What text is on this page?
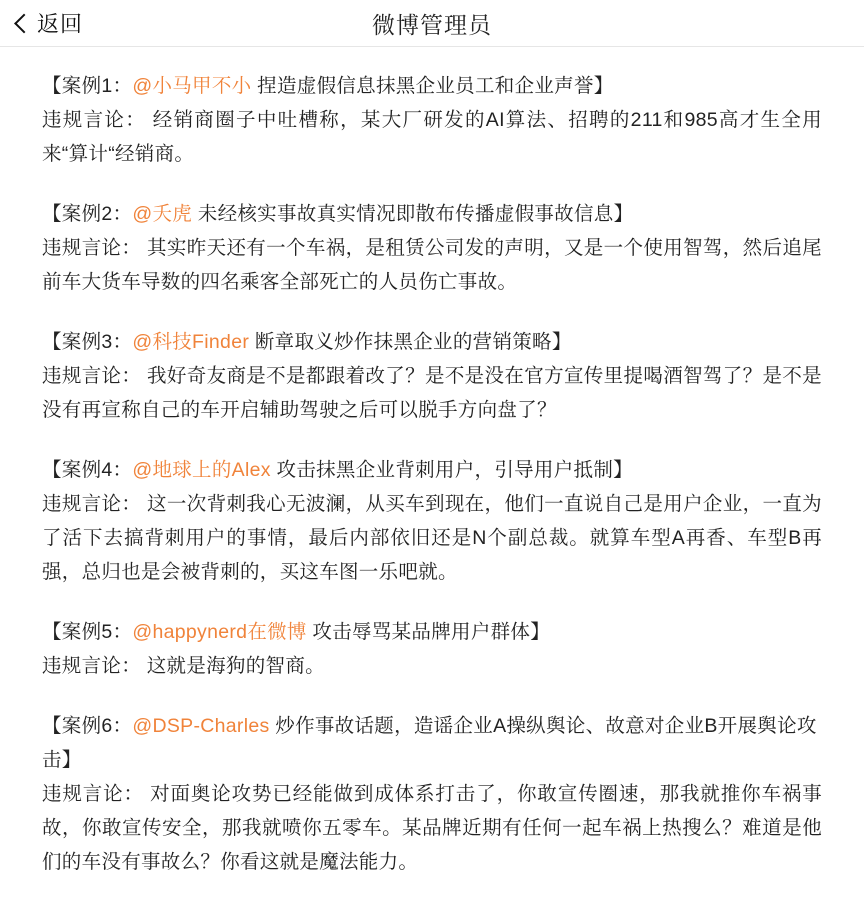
返回	微博管理员
【案例1：@小马甲不小 捏造虚假信息抹黑企业员工和企业声誉】
违规言论： 经销商圈子中吐槽称，某大厂研发的AI算法、招聘的211和985高才生全用来“算计“经销商。
【案例2：@夭虎 未经核实事故真实情况即散布传播虚假事故信息】
违规言论： 其实昨天还有一个车祸，是租赁公司发的声明，又是一个使用智驾，然后追尾前车大货车导数的四名乘客全部死亡的人员伤亡事故。
【案例3：@科技Finder 断章取义炒作抹黑企业的营销策略】
违规言论： 我好奇友商是不是都跟着改了？是不是没在官方宣传里提喝酒智驾了？是不是没有再宣称自己的车开启辅助驾驶之后可以脱手方向盘了？
【案例4：@地球上的Alex 攻击抹黑企业背刺用户，引导用户抵制】
违规言论： 这一次背刺我心无波澜，从买车到现在，他们一直说自己是用户企业，一直为了活下去搞背刺用户的事情，最后内部依旧还是N个副总裁。就算车型A再香、车型B再强，总归也是会被背刺的，买这车图一乐吧就。
【案例5：@happynerd在微博 攻击辱骂某品牌用户群体】
违规言论： 这就是海狗的智商。
【案例6：@DSP-Charles 炒作事故话题，造谣企业A操纵舆论、故意对企业B开展舆论攻击】
违规言论： 对面奥论攻势已经能做到成体系打击了，你敢宣传圈速，那我就推你车祸事故，你敢宣传安全，那我就喷你五零车。某品牌近期有任何一起车祸上热搜么？难道是他们的车没有事故么？你看这就是魔法能力。
